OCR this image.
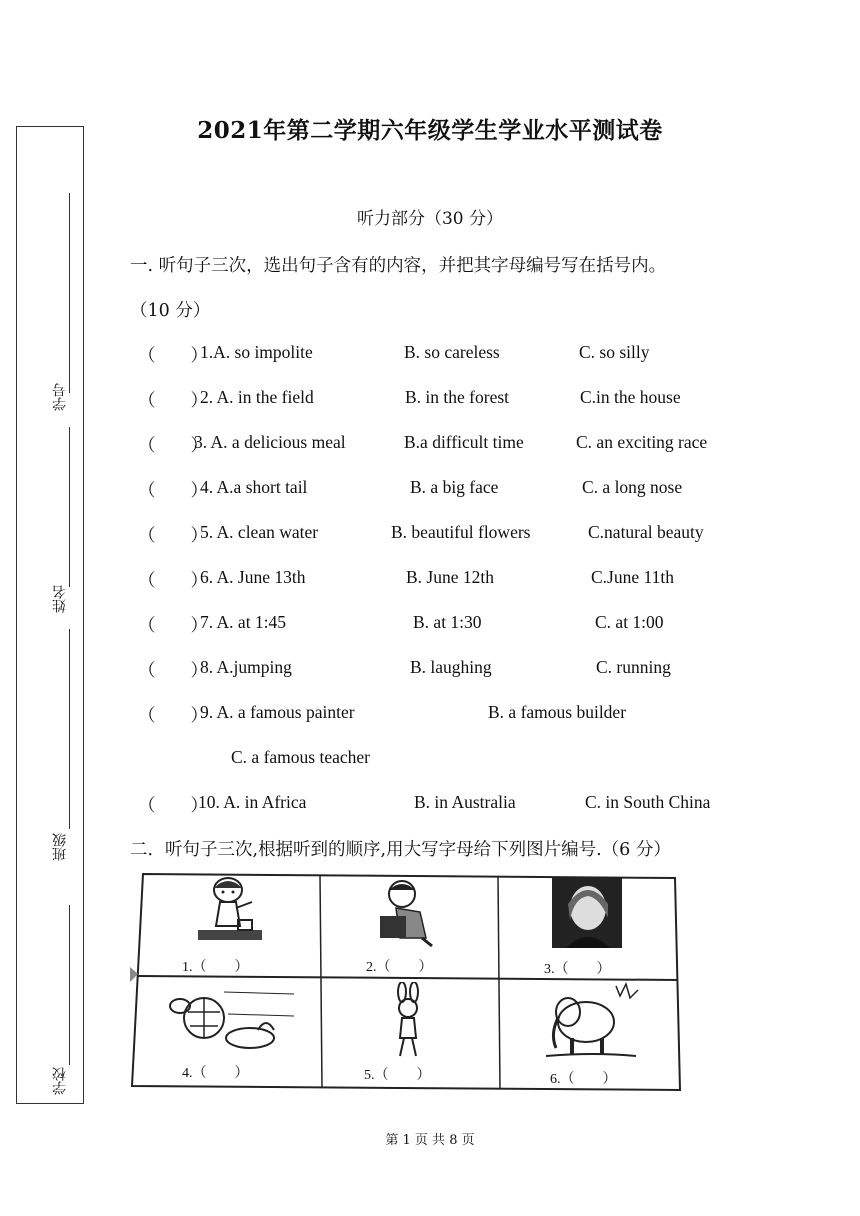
学号
姓名
班级
学校
2021年第二学期六年级学生学业水平测试卷
听力部分（30 分）
一. 听句子三次，选出句子含有的内容，并把其字母编号写在括号内。
（10 分）
（　　）
1.A. so impolite	B. so careless	C. so silly
（　　）
2. A. in the field	B. in the forest	C.in the house
（　　）
3. A. a delicious meal	B.a difficult time	C. an exciting race
（　　）
4. A.a short tail	B. a big face	C. a long nose
（　　）
5. A. clean water	B. beautiful flowers	C.natural beauty
（　　）
6. A. June 13th	B. June 12th	C.June 11th
（　　）
7. A. at 1:45	B. at 1:30	C. at 1:00
（　　）
8. A.jumping	B. laughing	C. running
（　　）
9. A. a famous painter	B. a famous builder
C. a famous teacher
（　　）
10. A. in Africa	B. in Australia	C. in South China
二．听句子三次,根据听到的顺序,用大写字母给下列图片编号.（6 分）
1.（　　）	2.（　　）	3.（　　）
4.（　　）	5.（　　）	6.（　　）
第 1 页 共 8 页
